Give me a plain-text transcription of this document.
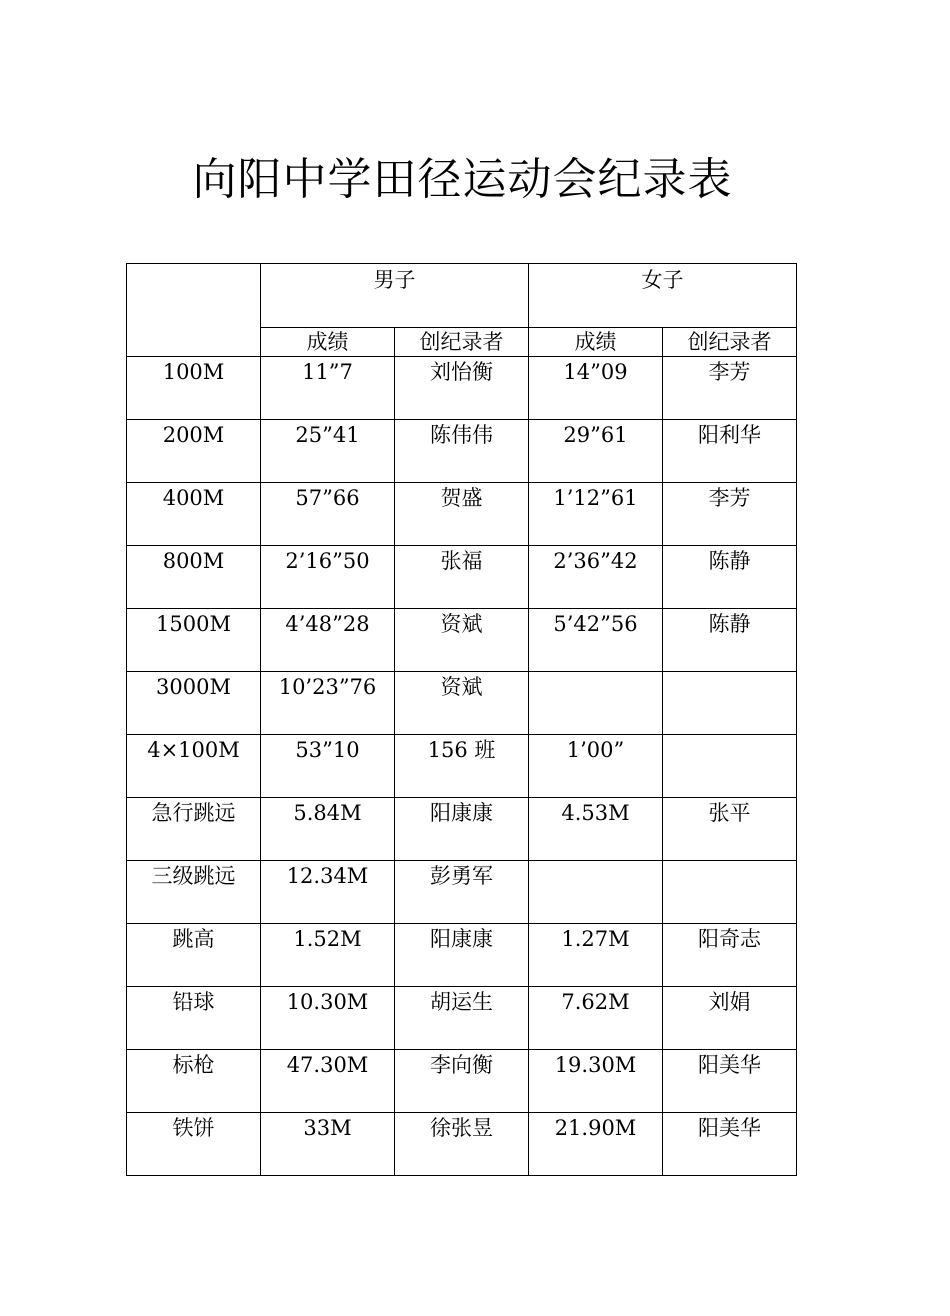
向阳中学田径运动会纪录表
	男子		女子	
	成绩	创纪录者	成绩	创纪录者
100M	11”7	刘怡衡	14”09	李芳
200M	25”41	陈伟伟	29”61	阳利华
400M	57”66	贺盛	1’12”61	李芳
800M	2’16”50	张福	2’36”42	陈静
1500M	4’48”28	资斌	5’42”56	陈静
3000M	10’23”76	资斌		
4×100M	53”10	156 班	1’00”	
急行跳远	5.84M	阳康康	4.53M	张平
三级跳远	12.34M	彭勇军		
跳高	1.52M	阳康康	1.27M	阳奇志
铅球	10.30M	胡运生	7.62M	刘娟
标枪	47.30M	李向衡	19.30M	阳美华
铁饼	33M	徐张昱	21.90M	阳美华
